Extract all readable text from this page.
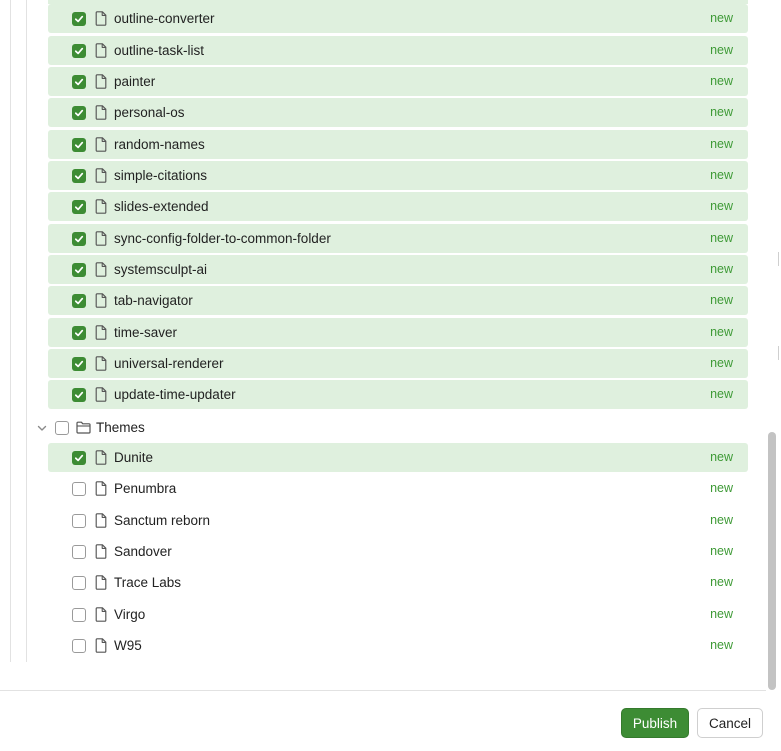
outline-converter	new
outline-task-list	new
painter	new
personal-os	new
random-names	new
simple-citations	new
slides-extended	new
sync-config-folder-to-common-folder	new
systemsculpt-ai	new
tab-navigator	new
time-saver	new
universal-renderer	new
update-time-updater	new
Themes
Dunite	new
Penumbra	new
Sanctum reborn	new
Sandover	new
Trace Labs	new
Virgo	new
W95	new
Publish	Cancel
